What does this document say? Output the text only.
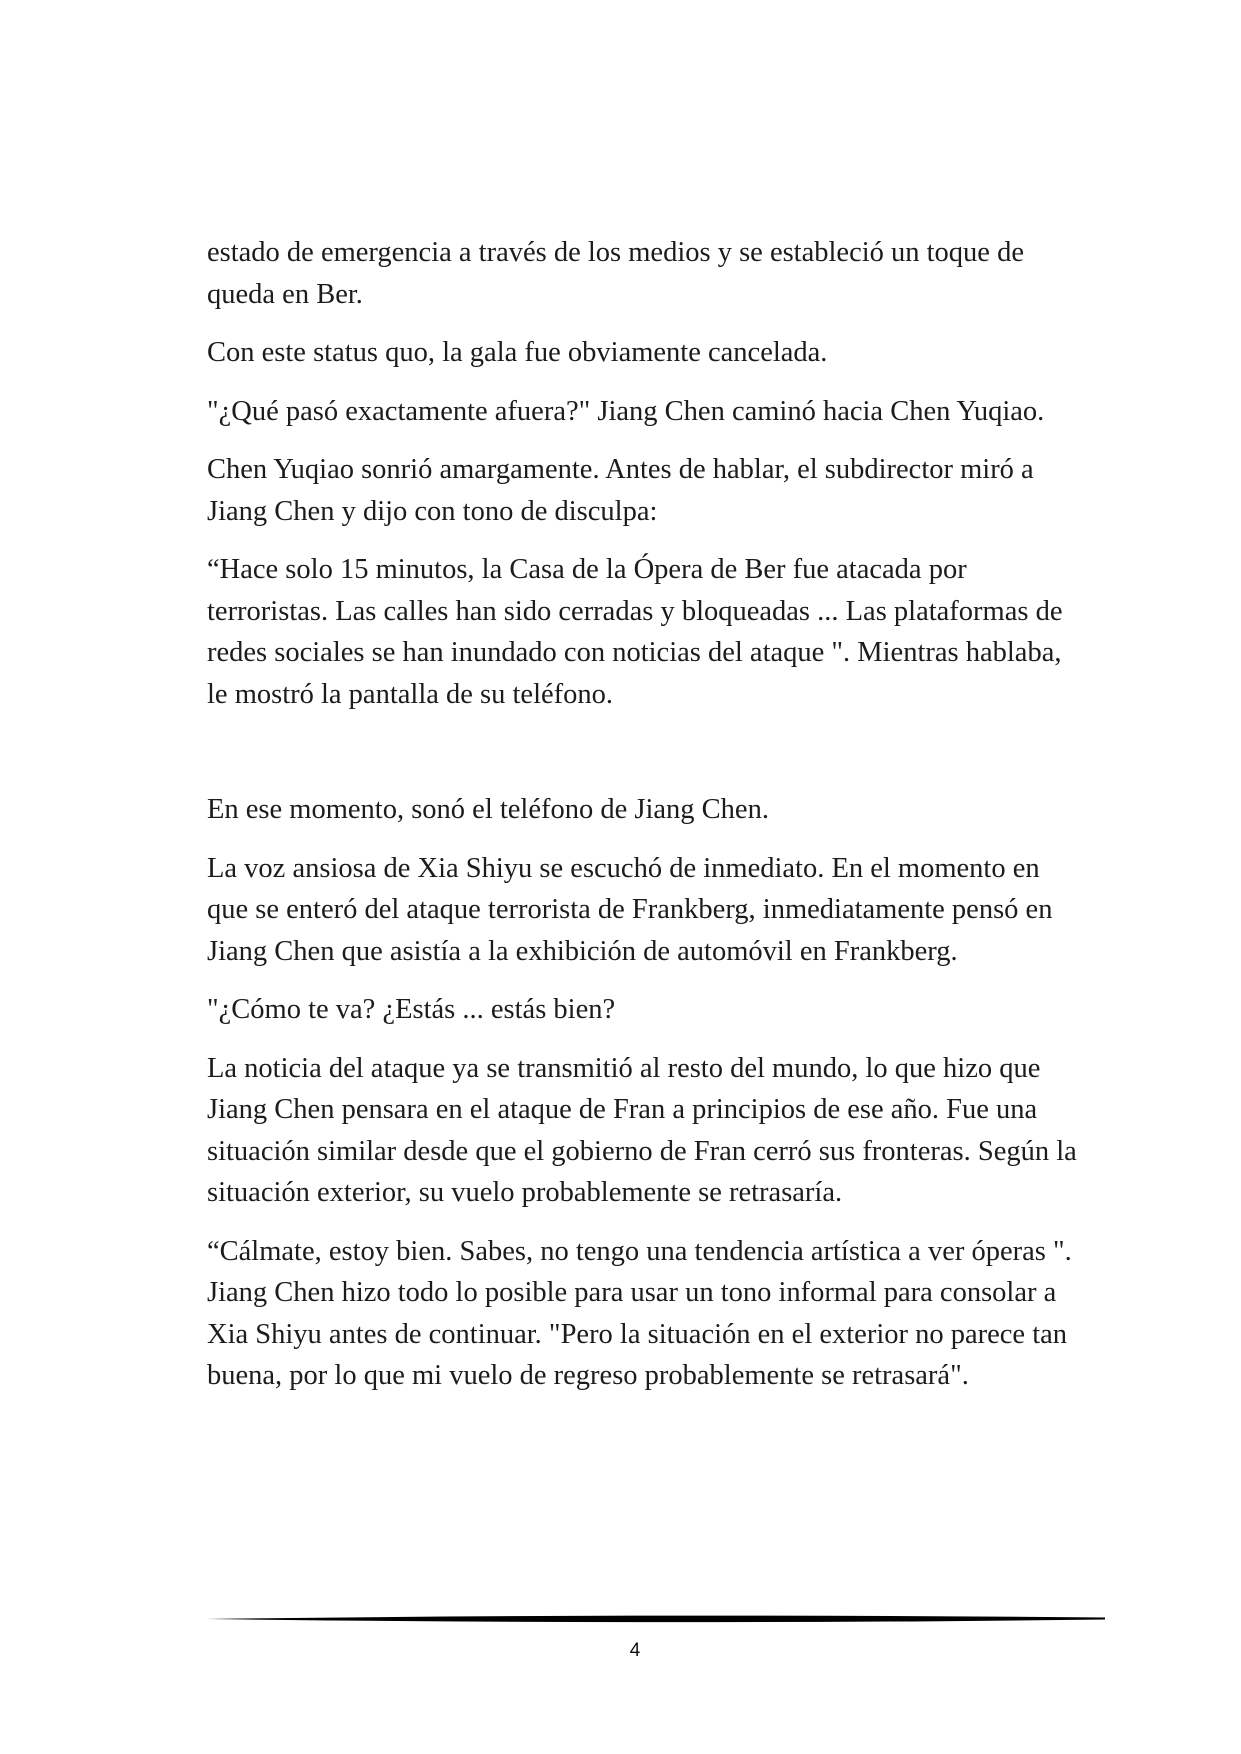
estado de emergencia a través de los medios y se estableció un toque de queda en Ber.

Con este status quo, la gala fue obviamente cancelada.

"¿Qué pasó exactamente afuera?" Jiang Chen caminó hacia Chen Yuqiao.

Chen Yuqiao sonrió amargamente. Antes de hablar, el subdirector miró a Jiang Chen y dijo con tono de disculpa:

“Hace solo 15 minutos, la Casa de la Ópera de Ber fue atacada por terroristas. Las calles han sido cerradas y bloqueadas ... Las plataformas de redes sociales se han inundado con noticias del ataque ". Mientras hablaba, le mostró la pantalla de su teléfono.

En ese momento, sonó el teléfono de Jiang Chen.

La voz ansiosa de Xia Shiyu se escuchó de inmediato. En el momento en que se enteró del ataque terrorista de Frankberg, inmediatamente pensó en Jiang Chen que asistía a la exhibición de automóvil en Frankberg.

"¿Cómo te va? ¿Estás ... estás bien?

La noticia del ataque ya se transmitió al resto del mundo, lo que hizo que Jiang Chen pensara en el ataque de Fran a principios de ese año. Fue una situación similar desde que el gobierno de Fran cerró sus fronteras. Según la situación exterior, su vuelo probablemente se retrasaría.

“Cálmate, estoy bien. Sabes, no tengo una tendencia artística a ver óperas ". Jiang Chen hizo todo lo posible para usar un tono informal para consolar a Xia Shiyu antes de continuar. "Pero la situación en el exterior no parece tan buena, por lo que mi vuelo de regreso probablemente se retrasará".

4
